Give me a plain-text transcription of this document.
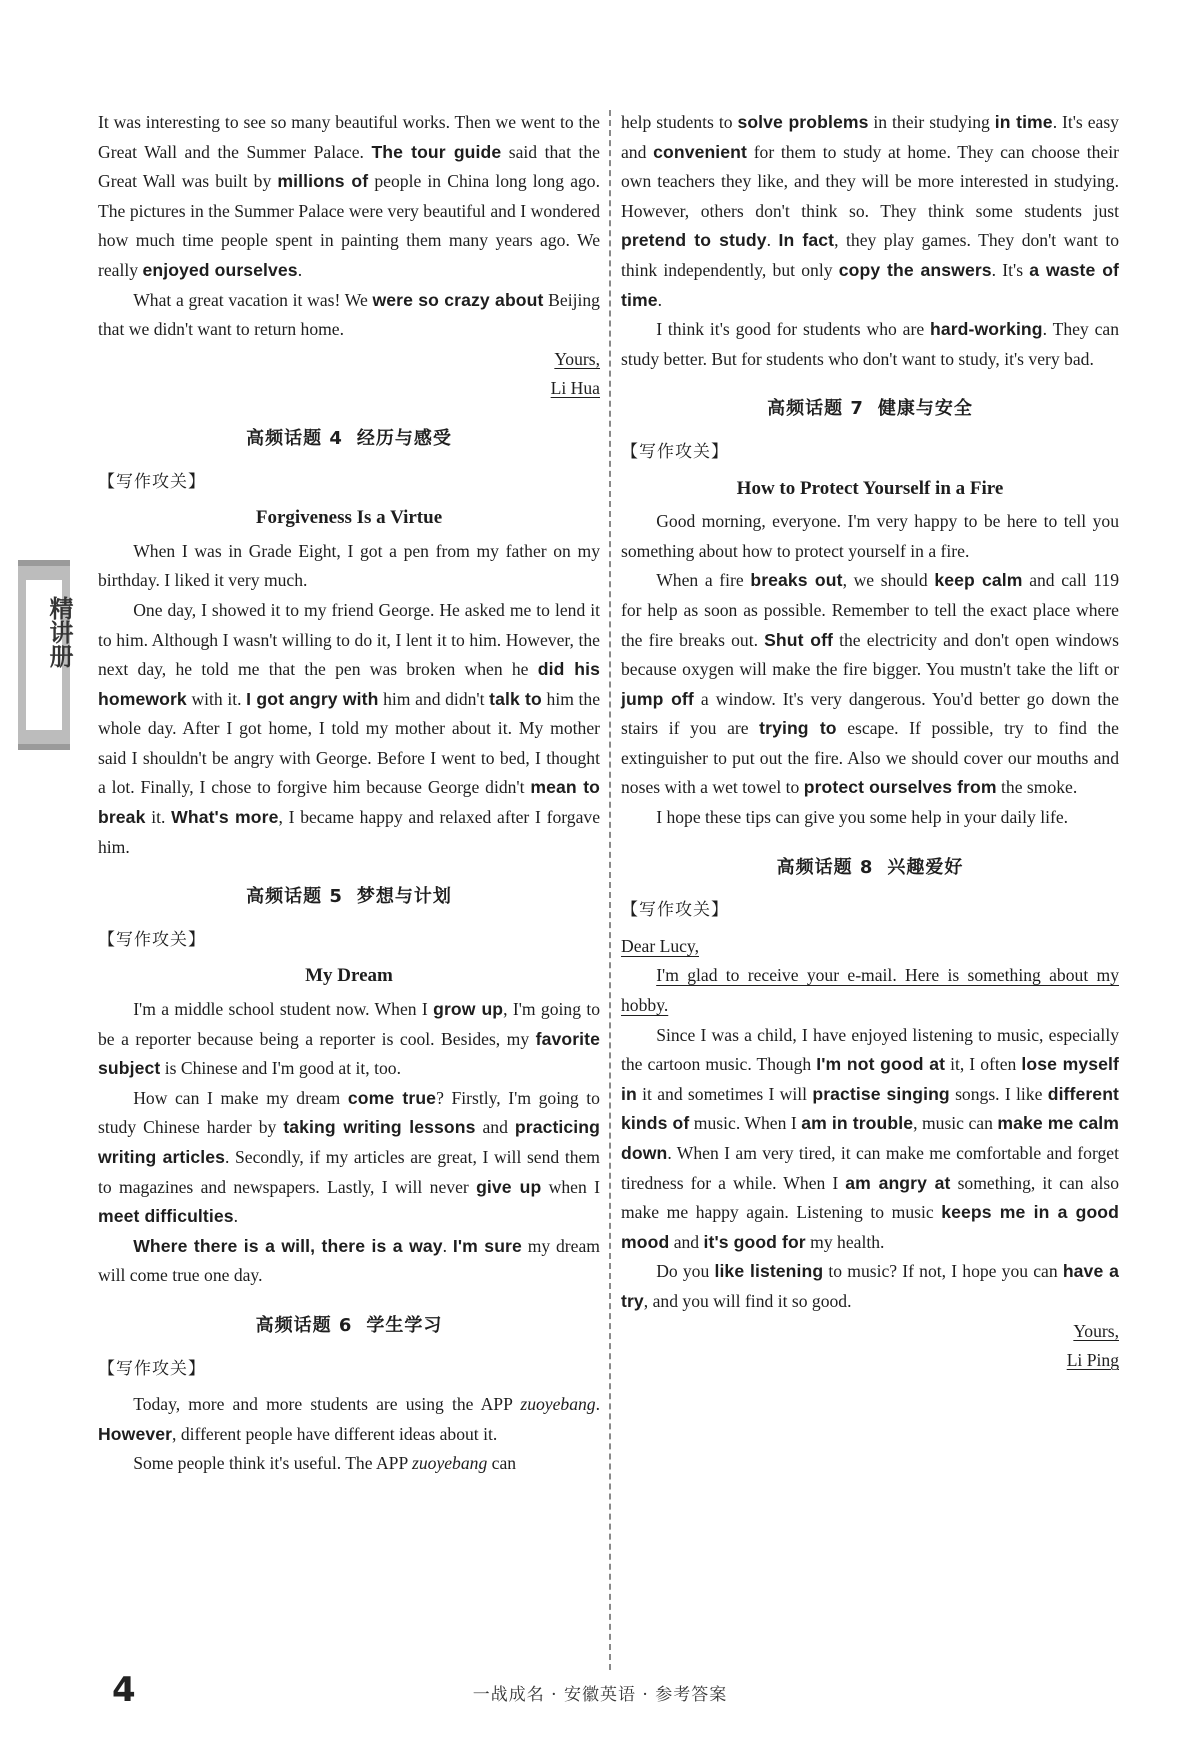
精讲册

It was interesting to see so many beautiful works. Then we went to the Great Wall and the Summer Palace. The tour guide said that the Great Wall was built by millions of people in China long long ago. The pictures in the Summer Palace were very beautiful and I wondered how much time people spent in painting them many years ago. We really enjoyed ourselves.

What a great vacation it was! We were so crazy about Beijing that we didn't want to return home.

Yours,

Li Hua

高频话题 4 经历与感受
【写作攻关】
Forgiveness Is a Virtue

When I was in Grade Eight, I got a pen from my father on my birthday. I liked it very much.

One day, I showed it to my friend George. He asked me to lend it to him. Although I wasn't willing to do it, I lent it to him. However, the next day, he told me that the pen was broken when he did his homework with it. I got angry with him and didn't talk to him the whole day. After I got home, I told my mother about it. My mother said I shouldn't be angry with George. Before I went to bed, I thought a lot. Finally, I chose to forgive him because George didn't mean to break it. What's more, I became happy and relaxed after I forgave him.

高频话题 5 梦想与计划
【写作攻关】
My Dream

I'm a middle school student now. When I grow up, I'm going to be a reporter because being a reporter is cool. Besides, my favorite subject is Chinese and I'm good at it, too.

How can I make my dream come true? Firstly, I'm going to study Chinese harder by taking writing lessons and practicing writing articles. Secondly, if my articles are great, I will send them to magazines and newspapers. Lastly, I will never give up when I meet difficulties.

Where there is a will, there is a way. I'm sure my dream will come true one day.

高频话题 6 学生学习
【写作攻关】

Today, more and more students are using the APP zuoyebang. However, different people have different ideas about it.

Some people think it's useful. The APP zuoyebang can

help students to solve problems in their studying in time. It's easy and convenient for them to study at home. They can choose their own teachers they like, and they will be more interested in studying. However, others don't think so. They think some students just pretend to study. In fact, they play games. They don't want to think independently, but only copy the answers. It's a waste of time.

I think it's good for students who are hard-working. They can study better. But for students who don't want to study, it's very bad.

高频话题 7 健康与安全
【写作攻关】
How to Protect Yourself in a Fire

Good morning, everyone. I'm very happy to be here to tell you something about how to protect yourself in a fire.

When a fire breaks out, we should keep calm and call 119 for help as soon as possible. Remember to tell the exact place where the fire breaks out. Shut off the electricity and don't open windows because oxygen will make the fire bigger. You mustn't take the lift or jump off a window. It's very dangerous. You'd better go down the stairs if you are trying to escape. If possible, try to find the extinguisher to put out the fire. Also we should cover our mouths and noses with a wet towel to protect ourselves from the smoke.

I hope these tips can give you some help in your daily life.

高频话题 8 兴趣爱好
【写作攻关】

Dear Lucy,

I'm glad to receive your e-mail. Here is something about my hobby.

Since I was a child, I have enjoyed listening to music, especially the cartoon music. Though I'm not good at it, I often lose myself in it and sometimes I will practise singing songs. I like different kinds of music. When I am in trouble, music can make me calm down. When I am very tired, it can make me comfortable and forget tiredness for a while. When I am angry at something, it can also make me happy again. Listening to music keeps me in a good mood and it's good for my health.

Do you like listening to music? If not, I hope you can have a try, and you will find it so good.

Yours,

Li Ping

4	一战成名 · 安徽英语 · 参考答案
